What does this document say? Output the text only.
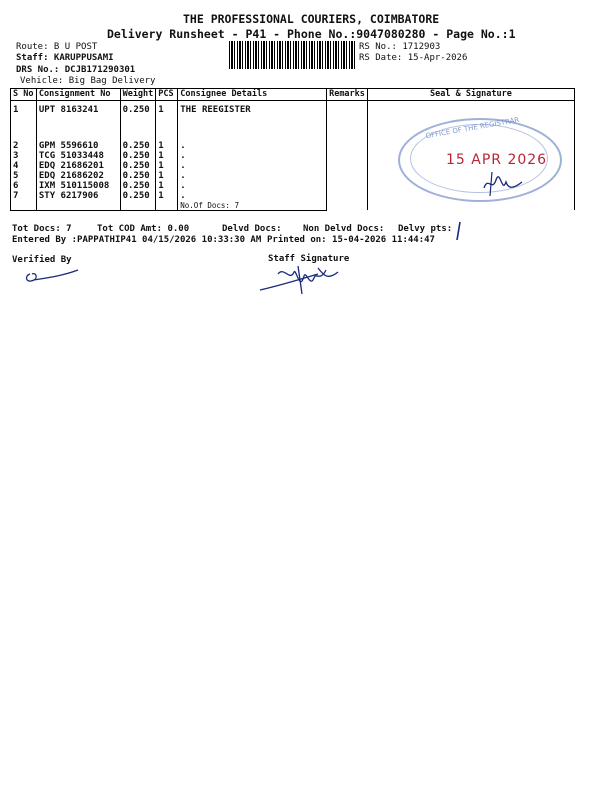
THE PROFESSIONAL COURIERS, COIMBATORE
Delivery Runsheet - P41 - Phone No.:9047080280 - Page No.:1
Route: B U POST
Staff: KARUPPUSAMI
DRS No.: DCJB171290301
Vehicle: Big Bag Delivery
RS No.: 1712903
RS Date: 15-Apr-2026
S No	Consignment No	Weight	PCS	Consignee Details	Remarks	Seal & Signature
1	UPT 8163241	0.250	1	THE REEGISTER		
2	GPM 5596610	0.250	1	.		
3	TCG 51033448	0.250	1	.		
4	EDQ 21686201	0.250	1	.		
5	EDQ 21686202	0.250	1	.		
6	IXM 510115008	0.250	1	.		
7	STY 6217906	0.250	1	.		
				No.Of Docs: 7		
OFFICE OF THE REGISTRAR
15 APR 2026
Tot Docs: 7	Tot COD Amt: 0.00	Delvd Docs: Non Delvd Docs: Delvy pts:
Entered By :PAPPATHIP41 04/15/2026 10:33:30 AM Printed on: 15-04-2026 11:44:47
Verified By	Staff Signature
